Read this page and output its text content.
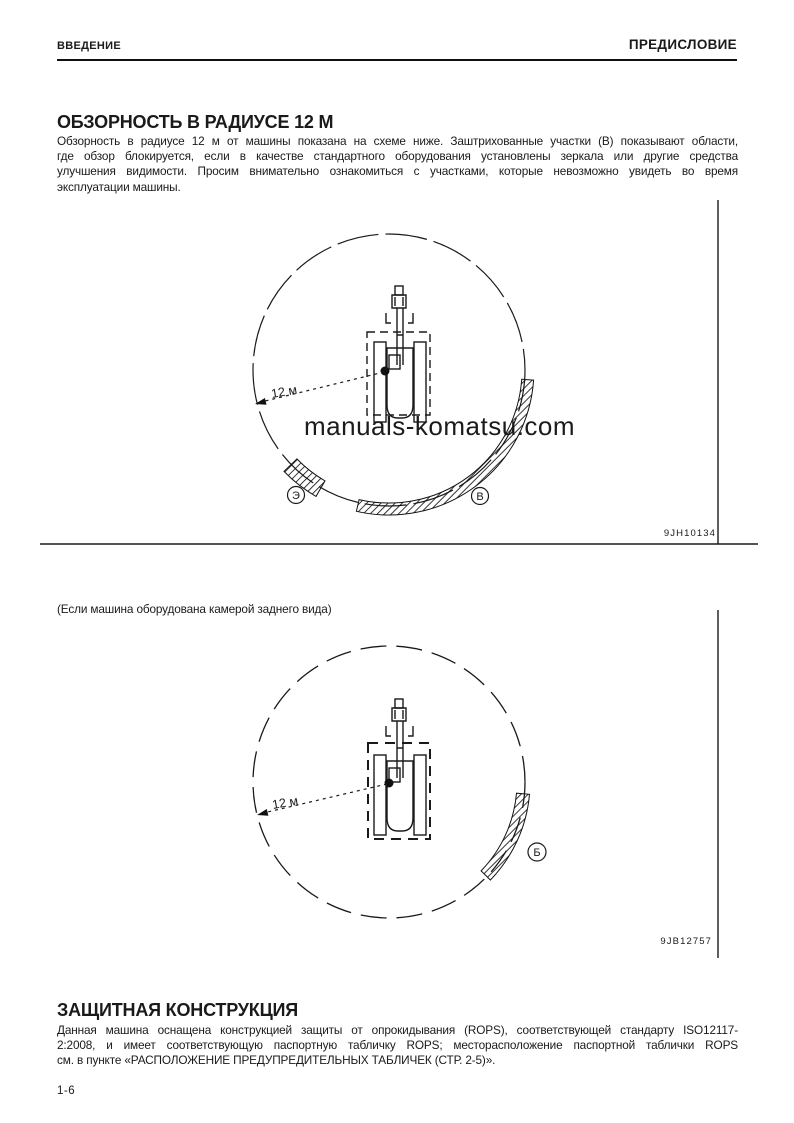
ВВЕДЕНИЕ	ПРЕДИСЛОВИЕ
ОБЗОРНОСТЬ В РАДИУСЕ 12 М
Обзорность в радиусе 12 м от машины показана на схеме ниже. Заштрихованные участки (В) показывают области,
где обзор блокируется, если в качестве стандартного оборудования установлены зеркала или другие средства
улучшения видимости. Просим внимательно ознакомиться с участками, которые невозможно увидеть во время
эксплуатации машины.
12 м
Э	В
9JH10134
manuals-komatsu.com
(Если машина оборудована камерой заднего вида)
12 м
Б
9JB12757
ЗАЩИТНАЯ КОНСТРУКЦИЯ
Данная машина оснащена конструкцией защиты от опрокидывания (ROPS), соответствующей стандарту ISO12117-
2:2008, и имеет соответствующую паспортную табличку ROPS; месторасположение паспортной таблички ROPS
см. в пункте «РАСПОЛОЖЕНИЕ ПРЕДУПРЕДИТЕЛЬНЫХ ТАБЛИЧЕК (СТР. 2-5)».
1-6
